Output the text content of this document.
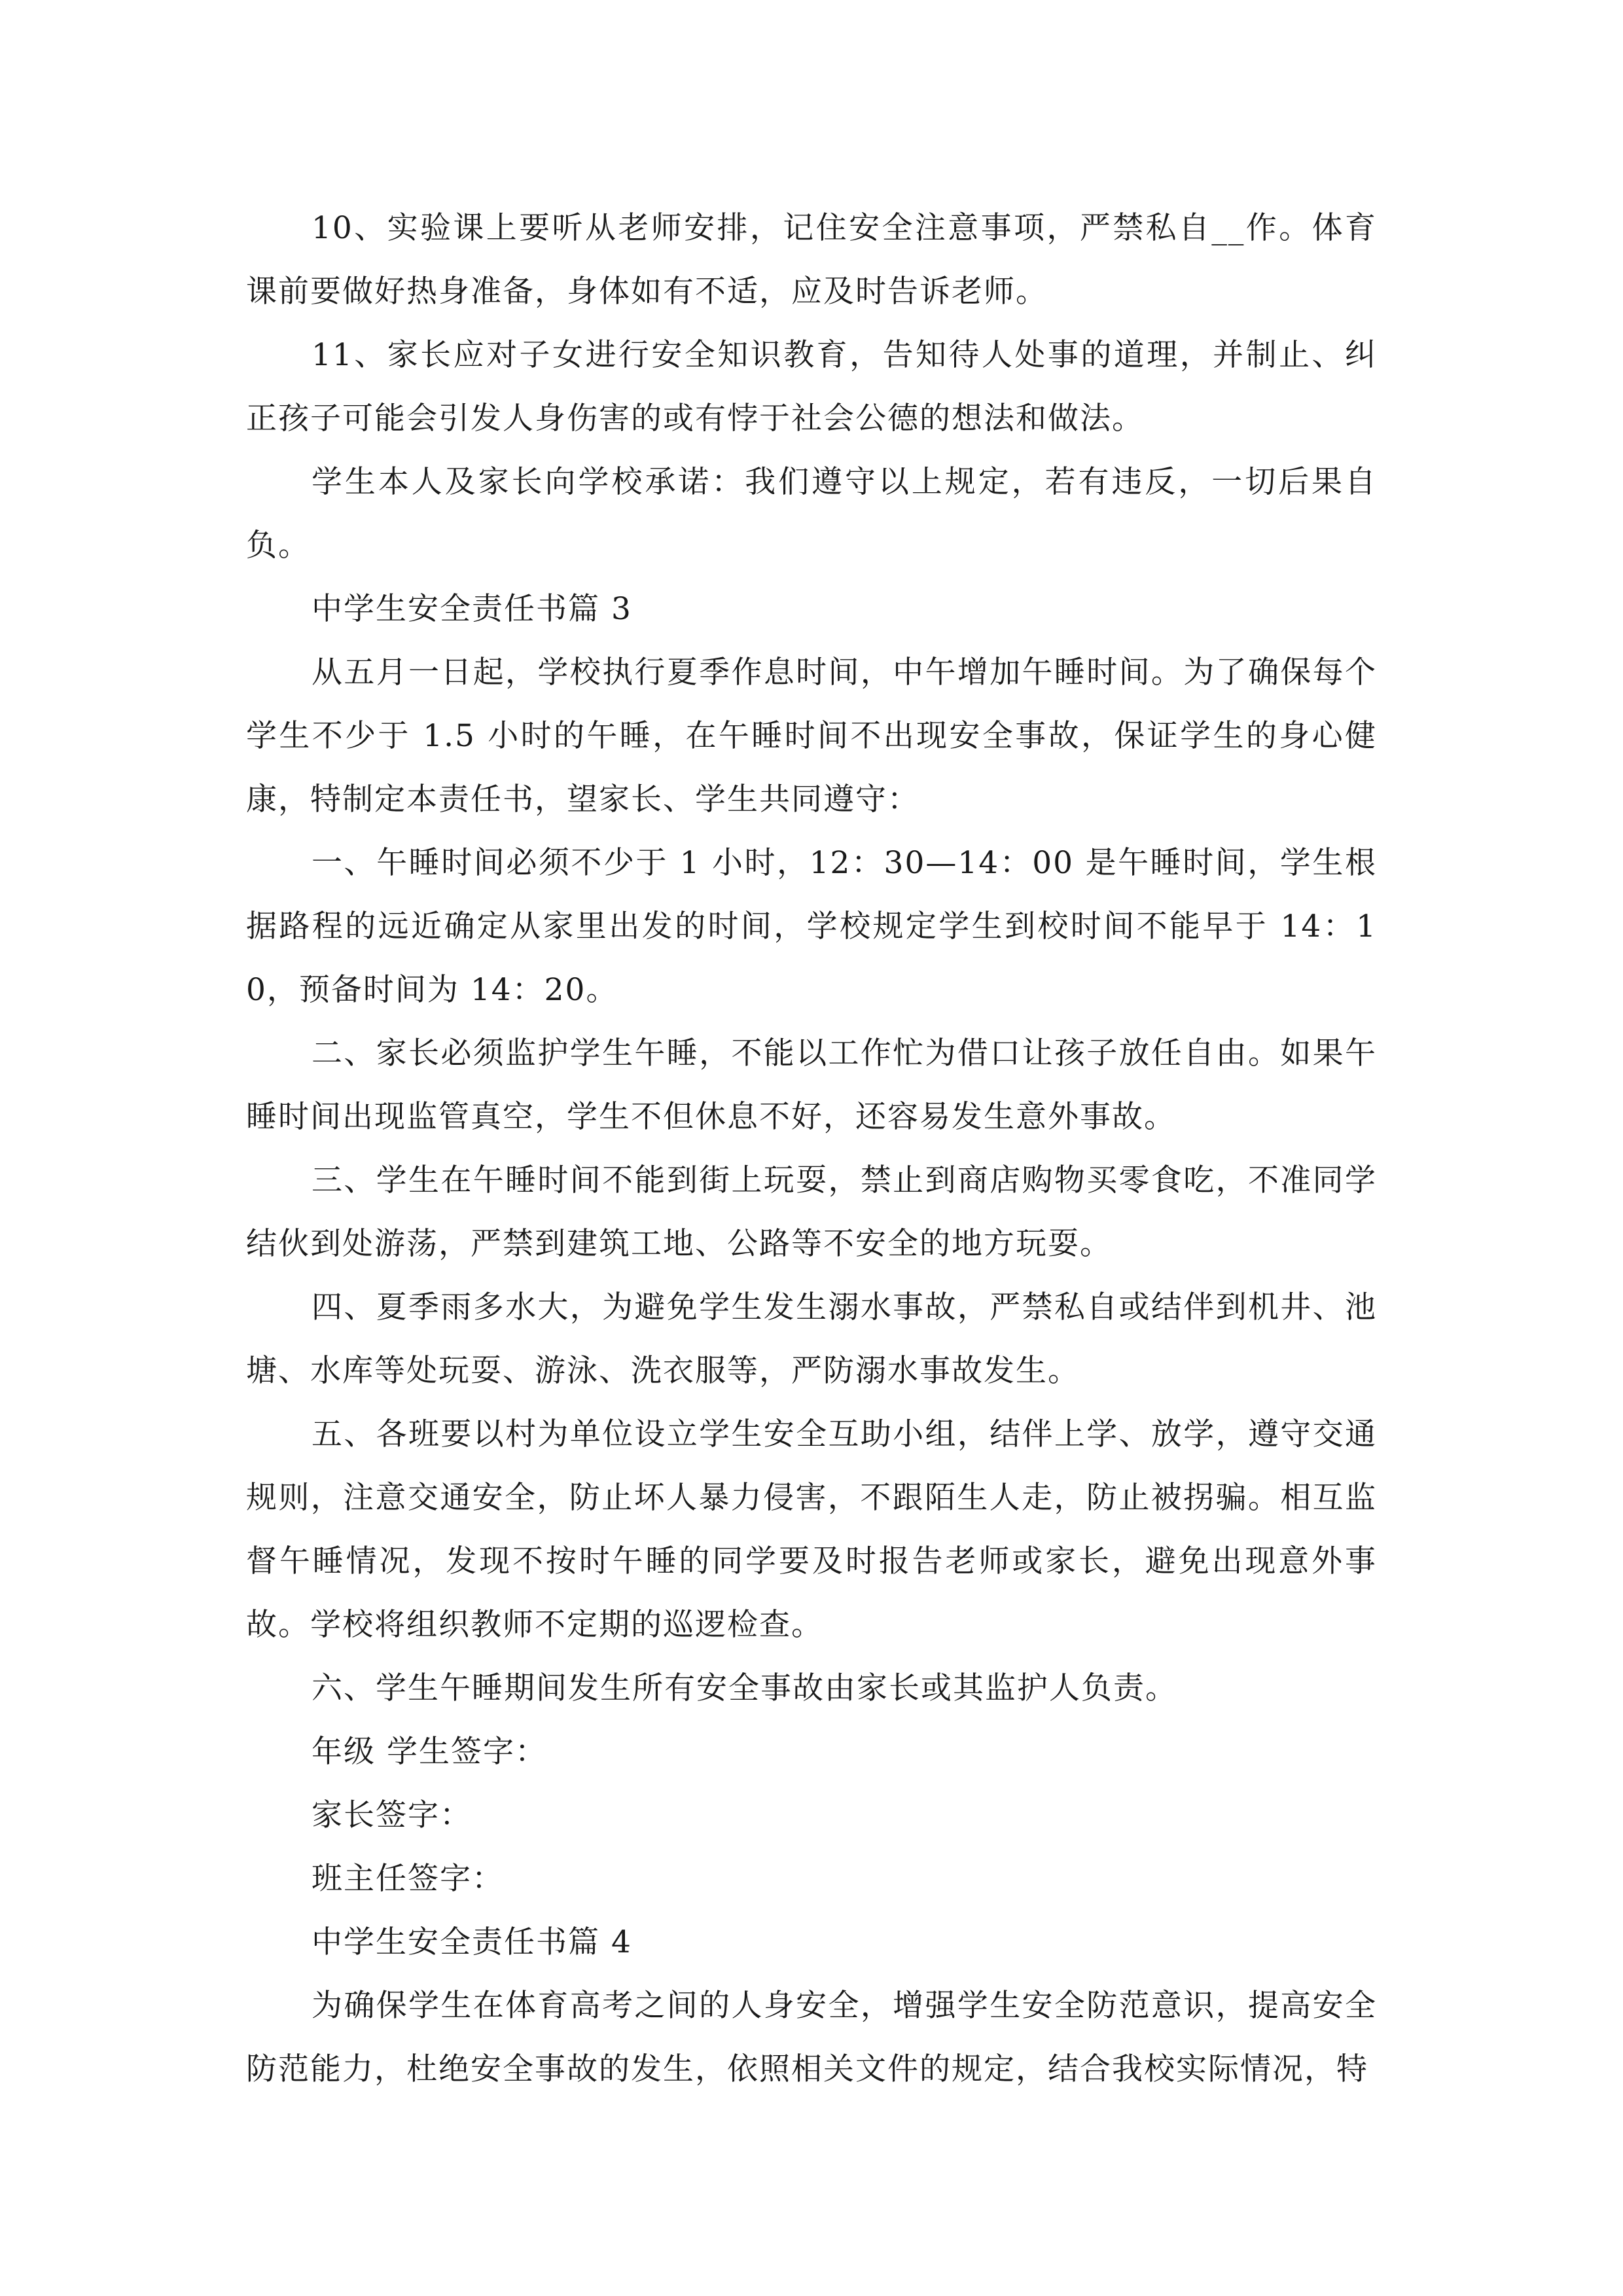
10、实验课上要听从老师安排，记住安全注意事项，严禁私自__作。体育课前要做好热身准备，身体如有不适，应及时告诉老师。

11、家长应对子女进行安全知识教育，告知待人处事的道理，并制止、纠正孩子可能会引发人身伤害的或有悖于社会公德的想法和做法。

学生本人及家长向学校承诺：我们遵守以上规定，若有违反，一切后果自负。

中学生安全责任书篇 3

从五月一日起，学校执行夏季作息时间，中午增加午睡时间。为了确保每个学生不少于 1.5 小时的午睡，在午睡时间不出现安全事故，保证学生的身心健康，特制定本责任书，望家长、学生共同遵守：

一、午睡时间必须不少于 1 小时，12：30—14：00 是午睡时间，学生根据路程的远近确定从家里出发的时间，学校规定学生到校时间不能早于 14：10，预备时间为 14：20。

二、家长必须监护学生午睡，不能以工作忙为借口让孩子放任自由。如果午睡时间出现监管真空，学生不但休息不好，还容易发生意外事故。

三、学生在午睡时间不能到街上玩耍，禁止到商店购物买零食吃，不准同学结伙到处游荡，严禁到建筑工地、公路等不安全的地方玩耍。

四、夏季雨多水大，为避免学生发生溺水事故，严禁私自或结伴到机井、池塘、水库等处玩耍、游泳、洗衣服等，严防溺水事故发生。

五、各班要以村为单位设立学生安全互助小组，结伴上学、放学，遵守交通规则，注意交通安全，防止坏人暴力侵害，不跟陌生人走，防止被拐骗。相互监督午睡情况，发现不按时午睡的同学要及时报告老师或家长，避免出现意外事故。学校将组织教师不定期的巡逻检查。

六、学生午睡期间发生所有安全事故由家长或其监护人负责。

年级 学生签字：

家长签字：

班主任签字：

中学生安全责任书篇 4

为确保学生在体育高考之间的人身安全，增强学生安全防范意识，提高安全防范能力，杜绝安全事故的发生，依照相关文件的规定，结合我校实际情况，特
